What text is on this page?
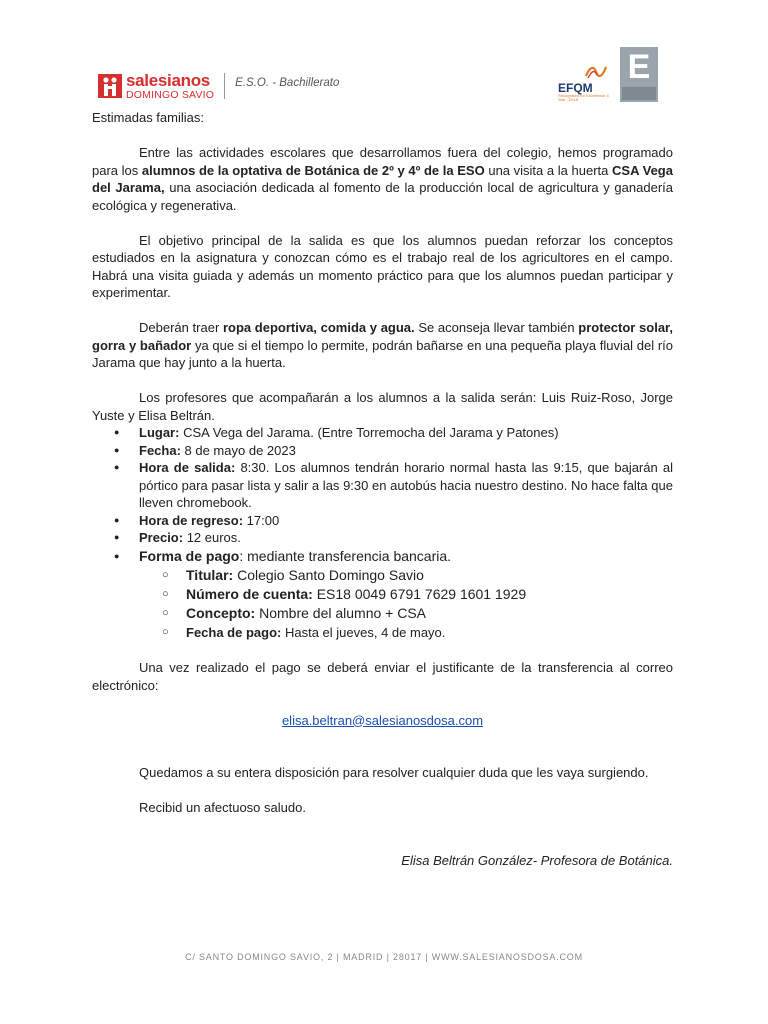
salesianos
DOMINGO SAVIO
E.S.O. - Bachillerato	EFQM
Recognised for Excellence 4 Star - 2018
E

Estimadas familias:

Entre las actividades escolares que desarrollamos fuera del colegio, hemos programado para los alumnos de la optativa de Botánica de 2º y 4º de la ESO una visita a la huerta CSA Vega del Jarama, una asociación dedicada al fomento de la producción local de agricultura y ganadería ecológica y regenerativa.

El objetivo principal de la salida es que los alumnos puedan reforzar los conceptos estudiados en la asignatura y conozcan cómo es el trabajo real de los agricultores en el campo. Habrá una visita guiada y además un momento práctico para que los alumnos puedan participar y experimentar.

Deberán traer ropa deportiva, comida y agua. Se aconseja llevar también protector solar, gorra y bañador ya que si el tiempo lo permite, podrán bañarse en una pequeña playa fluvial del río Jarama que hay junto a la huerta.

Los profesores que acompañarán a los alumnos a la salida serán: Luis Ruiz-Roso, Jorge Yuste y Elisa Beltrán.

● Lugar: CSA Vega del Jarama. (Entre Torremocha del Jarama y Patones)
● Fecha: 8 de mayo de 2023
● Hora de salida: 8:30. Los alumnos tendrán horario normal hasta las 9:15, que bajarán al pórtico para pasar lista y salir a las 9:30 en autobús hacia nuestro destino. No hace falta que lleven chromebook.
● Hora de regreso: 17:00
● Precio: 12 euros.
● Forma de pago: mediante transferencia bancaria.
○ Titular: Colegio Santo Domingo Savio
○ Número de cuenta: ES18 0049 6791 7629 1601 1929
○ Concepto: Nombre del alumno + CSA
○ Fecha de pago: Hasta el jueves, 4 de mayo.

Una vez realizado el pago se deberá enviar el justificante de la transferencia al correo electrónico:

elisa.beltran@salesianosdosa.com

Quedamos a su entera disposición para resolver cualquier duda que les vaya surgiendo.

Recibid un afectuoso saludo.

Elisa Beltrán González- Profesora de Botánica.

C/ SANTO DOMINGO SAVIO, 2 | MADRID | 28017 | WWW.SALESIANOSDOSA.COM
